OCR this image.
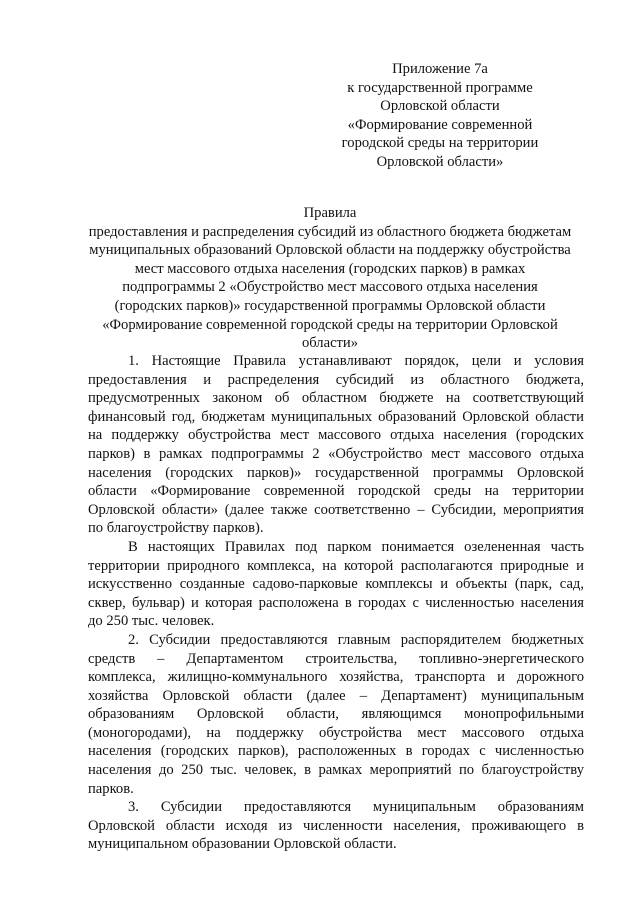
Приложение 7а
к государственной программе
Орловской области
«Формирование современной
городской среды на территории
Орловской области»
Правила
предоставления и распределения субсидий из областного бюджета бюджетам
муниципальных образований Орловской области на поддержку обустройства
мест массового отдыха населения (городских парков) в рамках
подпрограммы 2 «Обустройство мест массового отдыха населения
(городских парков)» государственной программы Орловской области
«Формирование современной городской среды на территории Орловской
области»
1. Настоящие Правила устанавливают порядок, цели и условия
предоставления и распределения субсидий из областного бюджета,
предусмотренных законом об областном бюджете на соответствующий
финансовый год, бюджетам муниципальных образований Орловской области
на поддержку обустройства мест массового отдыха населения (городских
парков) в рамках подпрограммы 2 «Обустройство мест массового отдыха
населения (городских парков)» государственной программы Орловской
области «Формирование современной городской среды на территории
Орловской области» (далее также соответственно – Субсидии, мероприятия
по благоустройству парков).
В настоящих Правилах под парком понимается озелененная часть
территории природного комплекса, на которой располагаются природные и
искусственно созданные садово-парковые комплексы и объекты (парк, сад,
сквер, бульвар) и которая расположена в городах с численностью населения
до 250 тыс. человек.
2. Субсидии предоставляются главным распорядителем бюджетных
средств – Департаментом строительства, топливно-энергетического
комплекса, жилищно-коммунального хозяйства, транспорта и дорожного
хозяйства Орловской области (далее – Департамент) муниципальным
образованиям Орловской области, являющимся монопрофильными
(моногородами), на поддержку обустройства мест массового отдыха
населения (городских парков), расположенных в городах с численностью
населения до 250 тыс. человек, в рамках мероприятий по благоустройству
парков.
3. Субсидии предоставляются муниципальным образованиям
Орловской области исходя из численности населения, проживающего в
муниципальном образовании Орловской области.
